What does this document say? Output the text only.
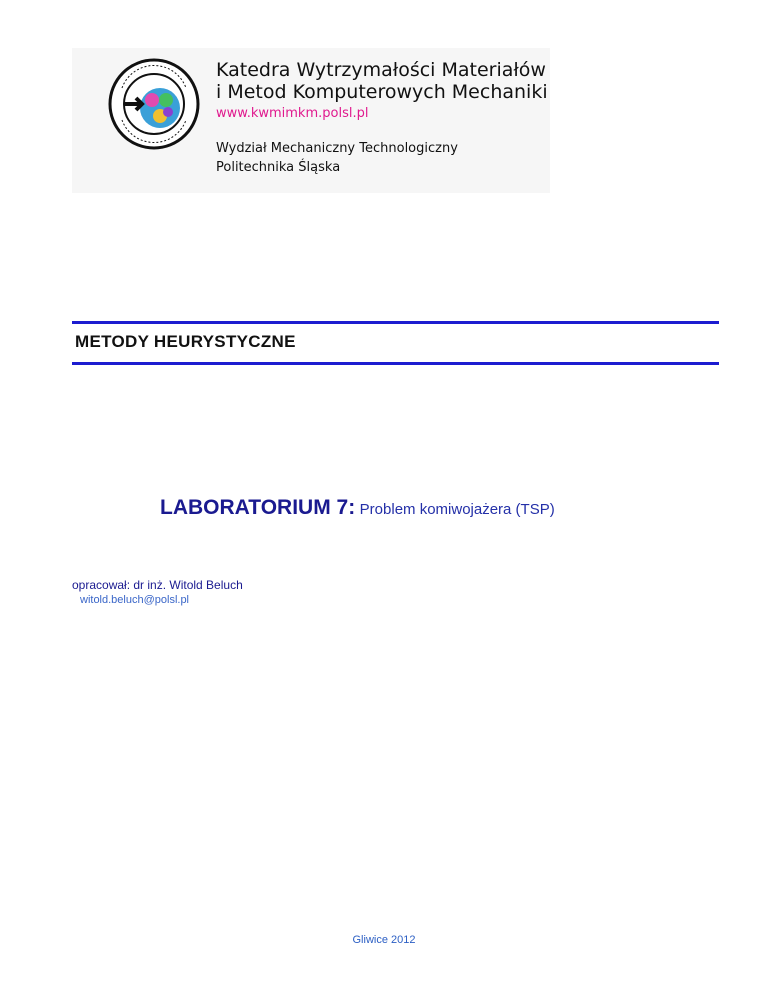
Katedra Wytrzymałości Materiałów
i Metod Komputerowych Mechaniki
www.kwmimkm.polsl.pl
Wydział Mechaniczny Technologiczny
Politechnika Śląska
METODY HEURYSTYCZNE
LABORATORIUM 7: Problem komiwojażera (TSP)
opracował: dr inż. Witold Beluch
witold.beluch@polsl.pl
Gliwice 2012
